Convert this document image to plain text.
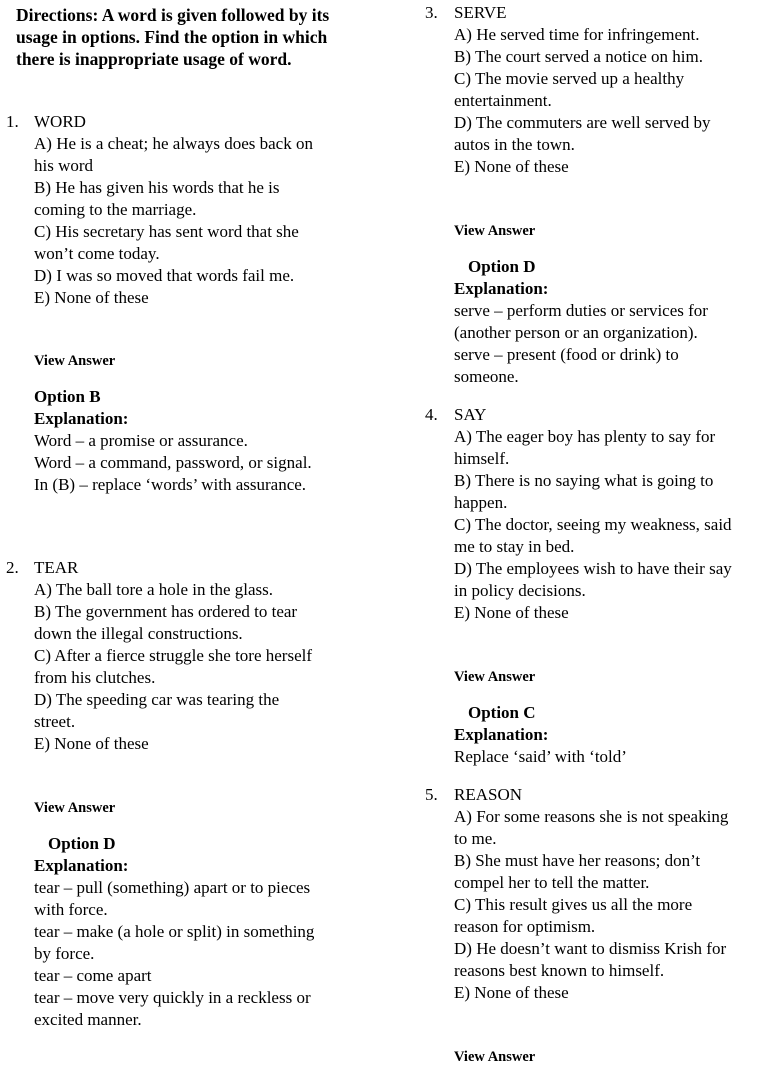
Directions: A word is given followed by its
usage in options. Find the option in which
there is inappropriate usage of word.
1. WORD
A) He is a cheat; he always does back on
his word
B) He has given his words that he is
coming to the marriage.
C) His secretary has sent word that she
won’t come today.
D) I was so moved that words fail me.
E) None of these
View Answer
Option B
Explanation:
Word – a promise or assurance.
Word – a command, password, or signal.
In (B) – replace ‘words’ with assurance.
2. TEAR
A) The ball tore a hole in the glass.
B) The government has ordered to tear
down the illegal constructions.
C) After a fierce struggle she tore herself
from his clutches.
D) The speeding car was tearing the
street.
E) None of these
View Answer
Option D
Explanation:
tear – pull (something) apart or to pieces
with force.
tear – make (a hole or split) in something
by force.
tear – come apart
tear – move very quickly in a reckless or
excited manner.
3. SERVE
A) He served time for infringement.
B) The court served a notice on him.
C) The movie served up a healthy
entertainment.
D) The commuters are well served by
autos in the town.
E) None of these
View Answer
Option D
Explanation:
serve – perform duties or services for
(another person or an organization).
serve – present (food or drink) to
someone.
4. SAY
A) The eager boy has plenty to say for
himself.
B) There is no saying what is going to
happen.
C) The doctor, seeing my weakness, said
me to stay in bed.
D) The employees wish to have their say
in policy decisions.
E) None of these
View Answer
Option C
Explanation:
Replace ‘said’ with ‘told’
5. REASON
A) For some reasons she is not speaking
to me.
B) She must have her reasons; don’t
compel her to tell the matter.
C) This result gives us all the more
reason for optimism.
D) He doesn’t want to dismiss Krish for
reasons best known to himself.
E) None of these
View Answer
